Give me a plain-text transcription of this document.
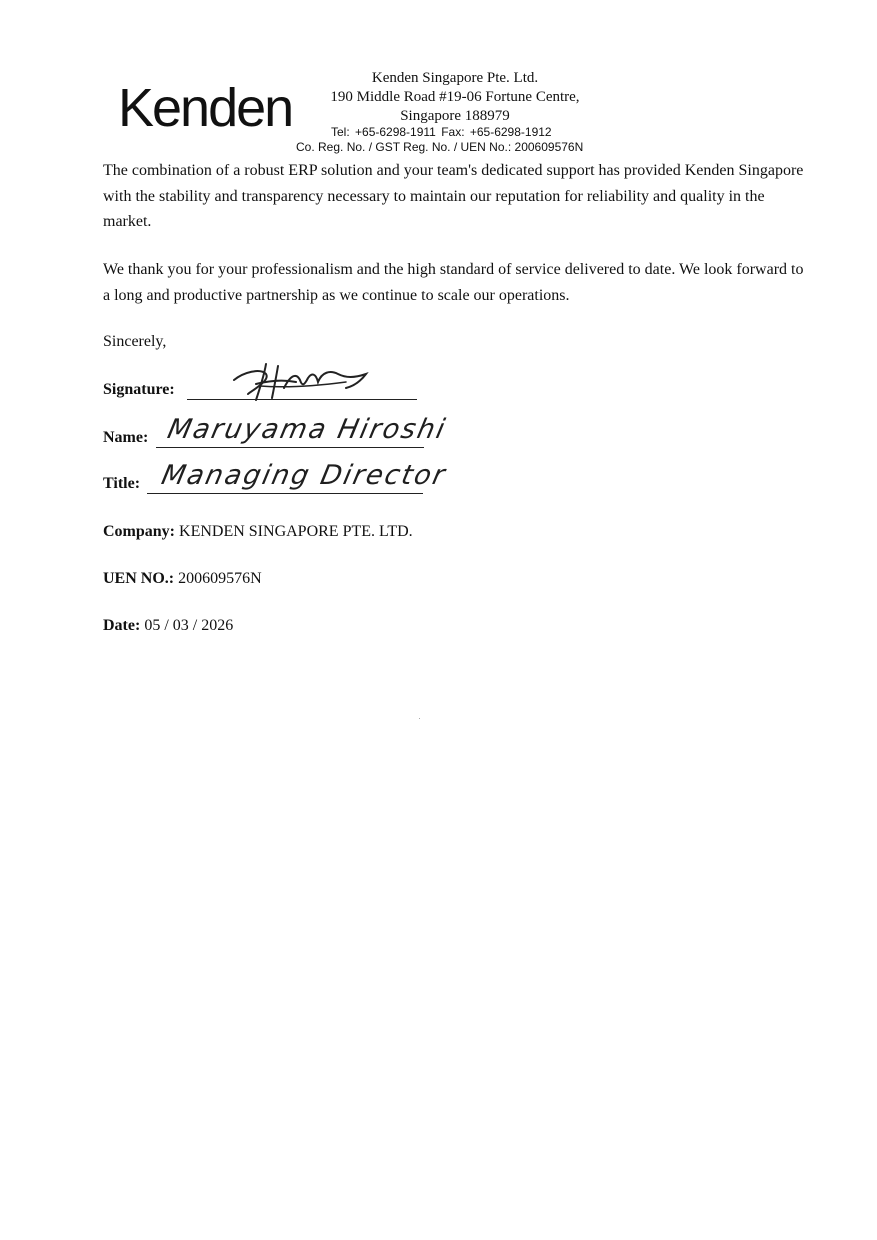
Kenden	Kenden Singapore Pte. Ltd.
190 Middle Road #19-06 Fortune Centre,
Singapore 188979
Tel: +65-6298-1911 Fax: +65-6298-1912
Co. Reg. No. / GST Reg. No. / UEN No.: 200609576N
The combination of a robust ERP solution and your team's dedicated support has provided Kenden Singapore with the stability and transparency necessary to maintain our reputation for reliability and quality in the market.
We thank you for your professionalism and the high standard of service delivered to date. We look forward to a long and productive partnership as we continue to scale our operations.
Sincerely,
Signature:
Name: Maruyama Hiroshi
Title: Managing Director
Company: KENDEN SINGAPORE PTE. LTD.
UEN NO.: 200609576N
Date: 05 / 03 / 2026
